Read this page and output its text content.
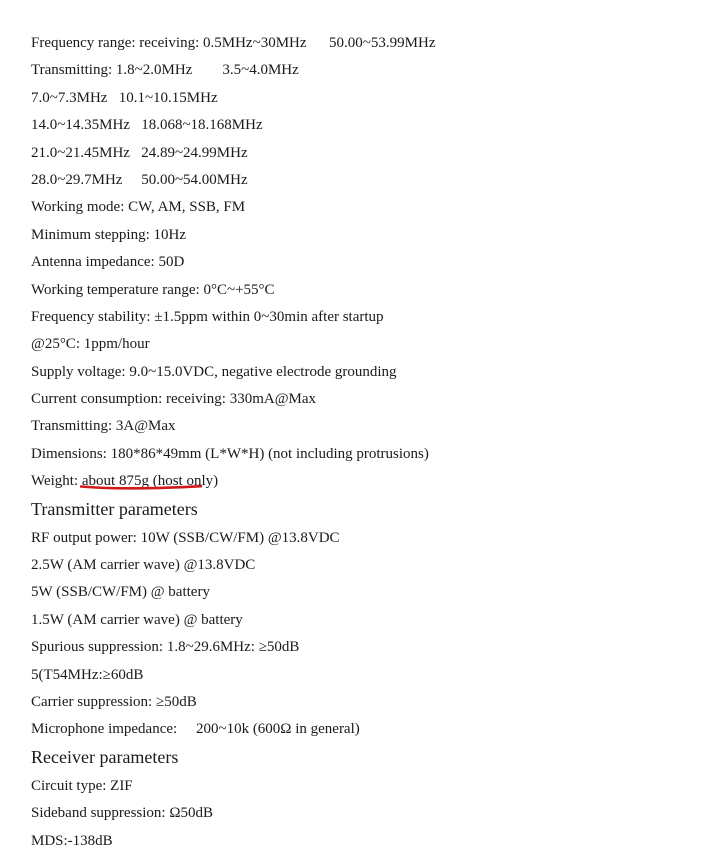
Frequency range: receiving: 0.5MHz~30MHz      50.00~53.99MHz
Transmitting: 1.8~2.0MHz        3.5~4.0MHz
7.0~7.3MHz   10.1~10.15MHz
14.0~14.35MHz   18.068~18.168MHz
21.0~21.45MHz   24.89~24.99MHz
28.0~29.7MHz     50.00~54.00MHz
Working mode: CW, AM, SSB, FM
Minimum stepping: 10Hz
Antenna impedance: 50D
Working temperature range: 0°C~+55°C
Frequency stability: ±1.5ppm within 0~30min after startup
@25°C: 1ppm/hour
Supply voltage: 9.0~15.0VDC, negative electrode grounding
Current consumption: receiving: 330mA@Max
Transmitting: 3A@Max
Dimensions: 180*86*49mm (L*W*H) (not including protrusions)
Weight: about 875g (host only)
Transmitter parameters
RF output power: 10W (SSB/CW/FM) @13.8VDC
2.5W (AM carrier wave) @13.8VDC
5W (SSB/CW/FM) @ battery
1.5W (AM carrier wave) @ battery
Spurious suppression: 1.8~29.6MHz: ≥50dB
5(T54MHz:≥60dB
Carrier suppression: ≥50dB
Microphone impedance:     200~10k (600Ω in general)
Receiver parameters
Circuit type: ZIF
Sideband suppression: Ω50dB
MDS:-138dB
